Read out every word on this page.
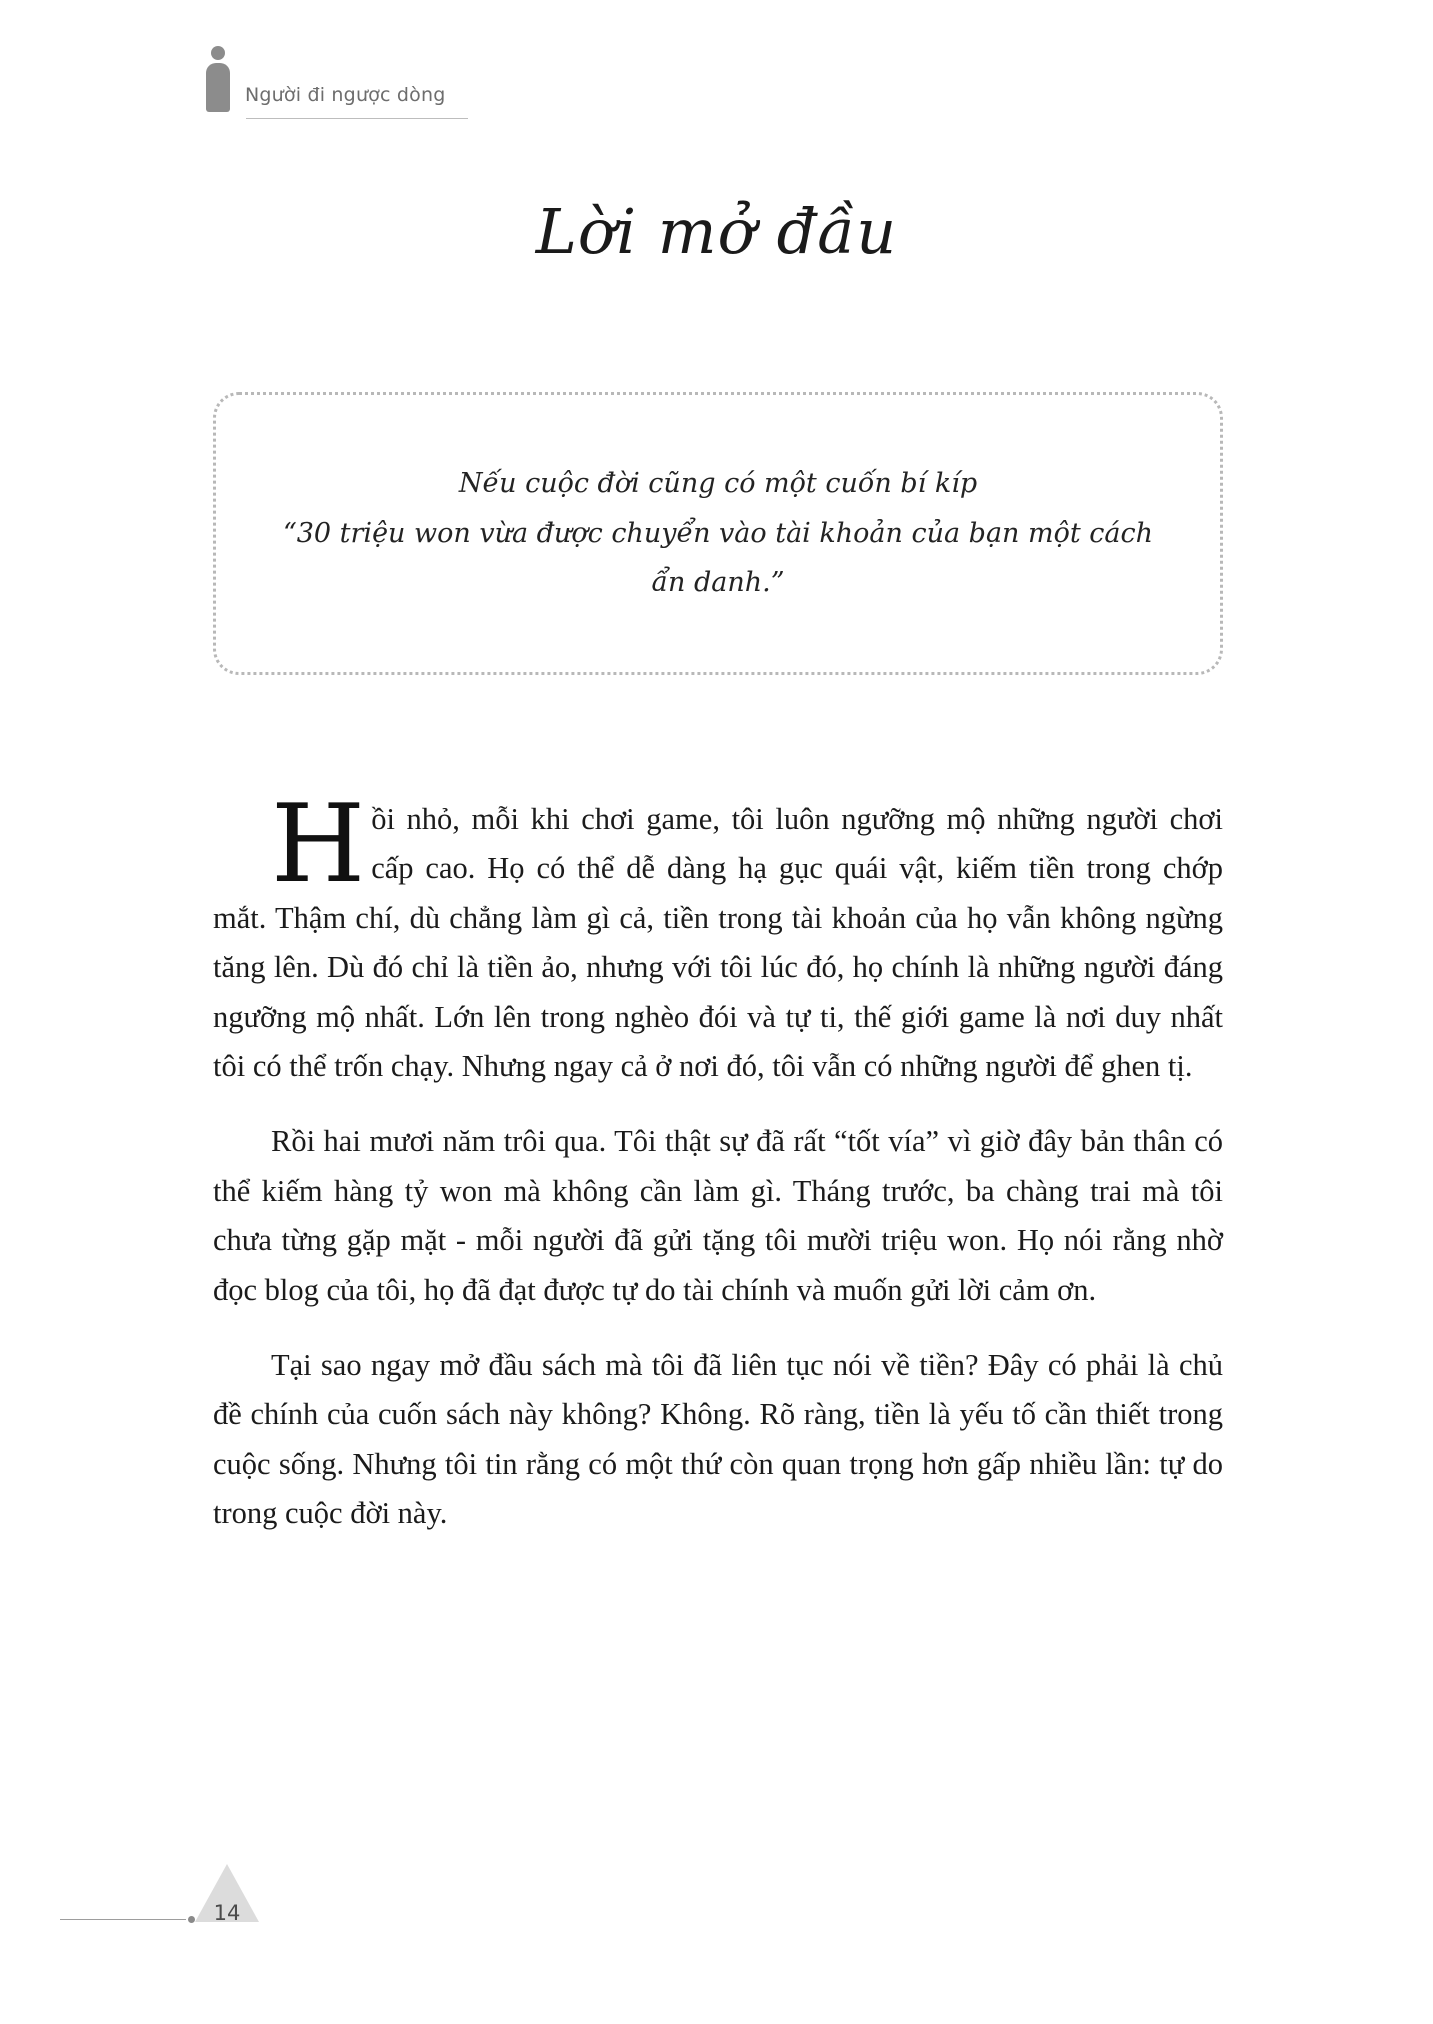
Người đi ngược dòng
Lời mở đầu
Nếu cuộc đời cũng có một cuốn bí kíp
“30 triệu won vừa được chuyển vào tài khoản của bạn một cách
ẩn danh.”

H ồi nhỏ, mỗi khi chơi game, tôi luôn ngưỡng mộ những người chơi cấp cao. Họ có thể dễ dàng hạ gục quái vật, kiếm tiền trong chớp mắt. Thậm chí, dù chẳng làm gì cả, tiền trong tài khoản của họ vẫn không ngừng tăng lên. Dù đó chỉ là tiền ảo, nhưng với tôi lúc đó, họ chính là những người đáng ngưỡng mộ nhất. Lớn lên trong nghèo đói và tự ti, thế giới game là nơi duy nhất tôi có thể trốn chạy. Nhưng ngay cả ở nơi đó, tôi vẫn có những người để ghen tị.

Rồi hai mươi năm trôi qua. Tôi thật sự đã rất “tốt vía” vì giờ đây bản thân có thể kiếm hàng tỷ won mà không cần làm gì. Tháng trước, ba chàng trai mà tôi chưa từng gặp mặt - mỗi người đã gửi tặng tôi mười triệu won. Họ nói rằng nhờ đọc blog của tôi, họ đã đạt được tự do tài chính và muốn gửi lời cảm ơn.

Tại sao ngay mở đầu sách mà tôi đã liên tục nói về tiền? Đây có phải là chủ đề chính của cuốn sách này không? Không. Rõ ràng, tiền là yếu tố cần thiết trong cuộc sống. Nhưng tôi tin rằng có một thứ còn quan trọng hơn gấp nhiều lần: tự do trong cuộc đời này.

14
